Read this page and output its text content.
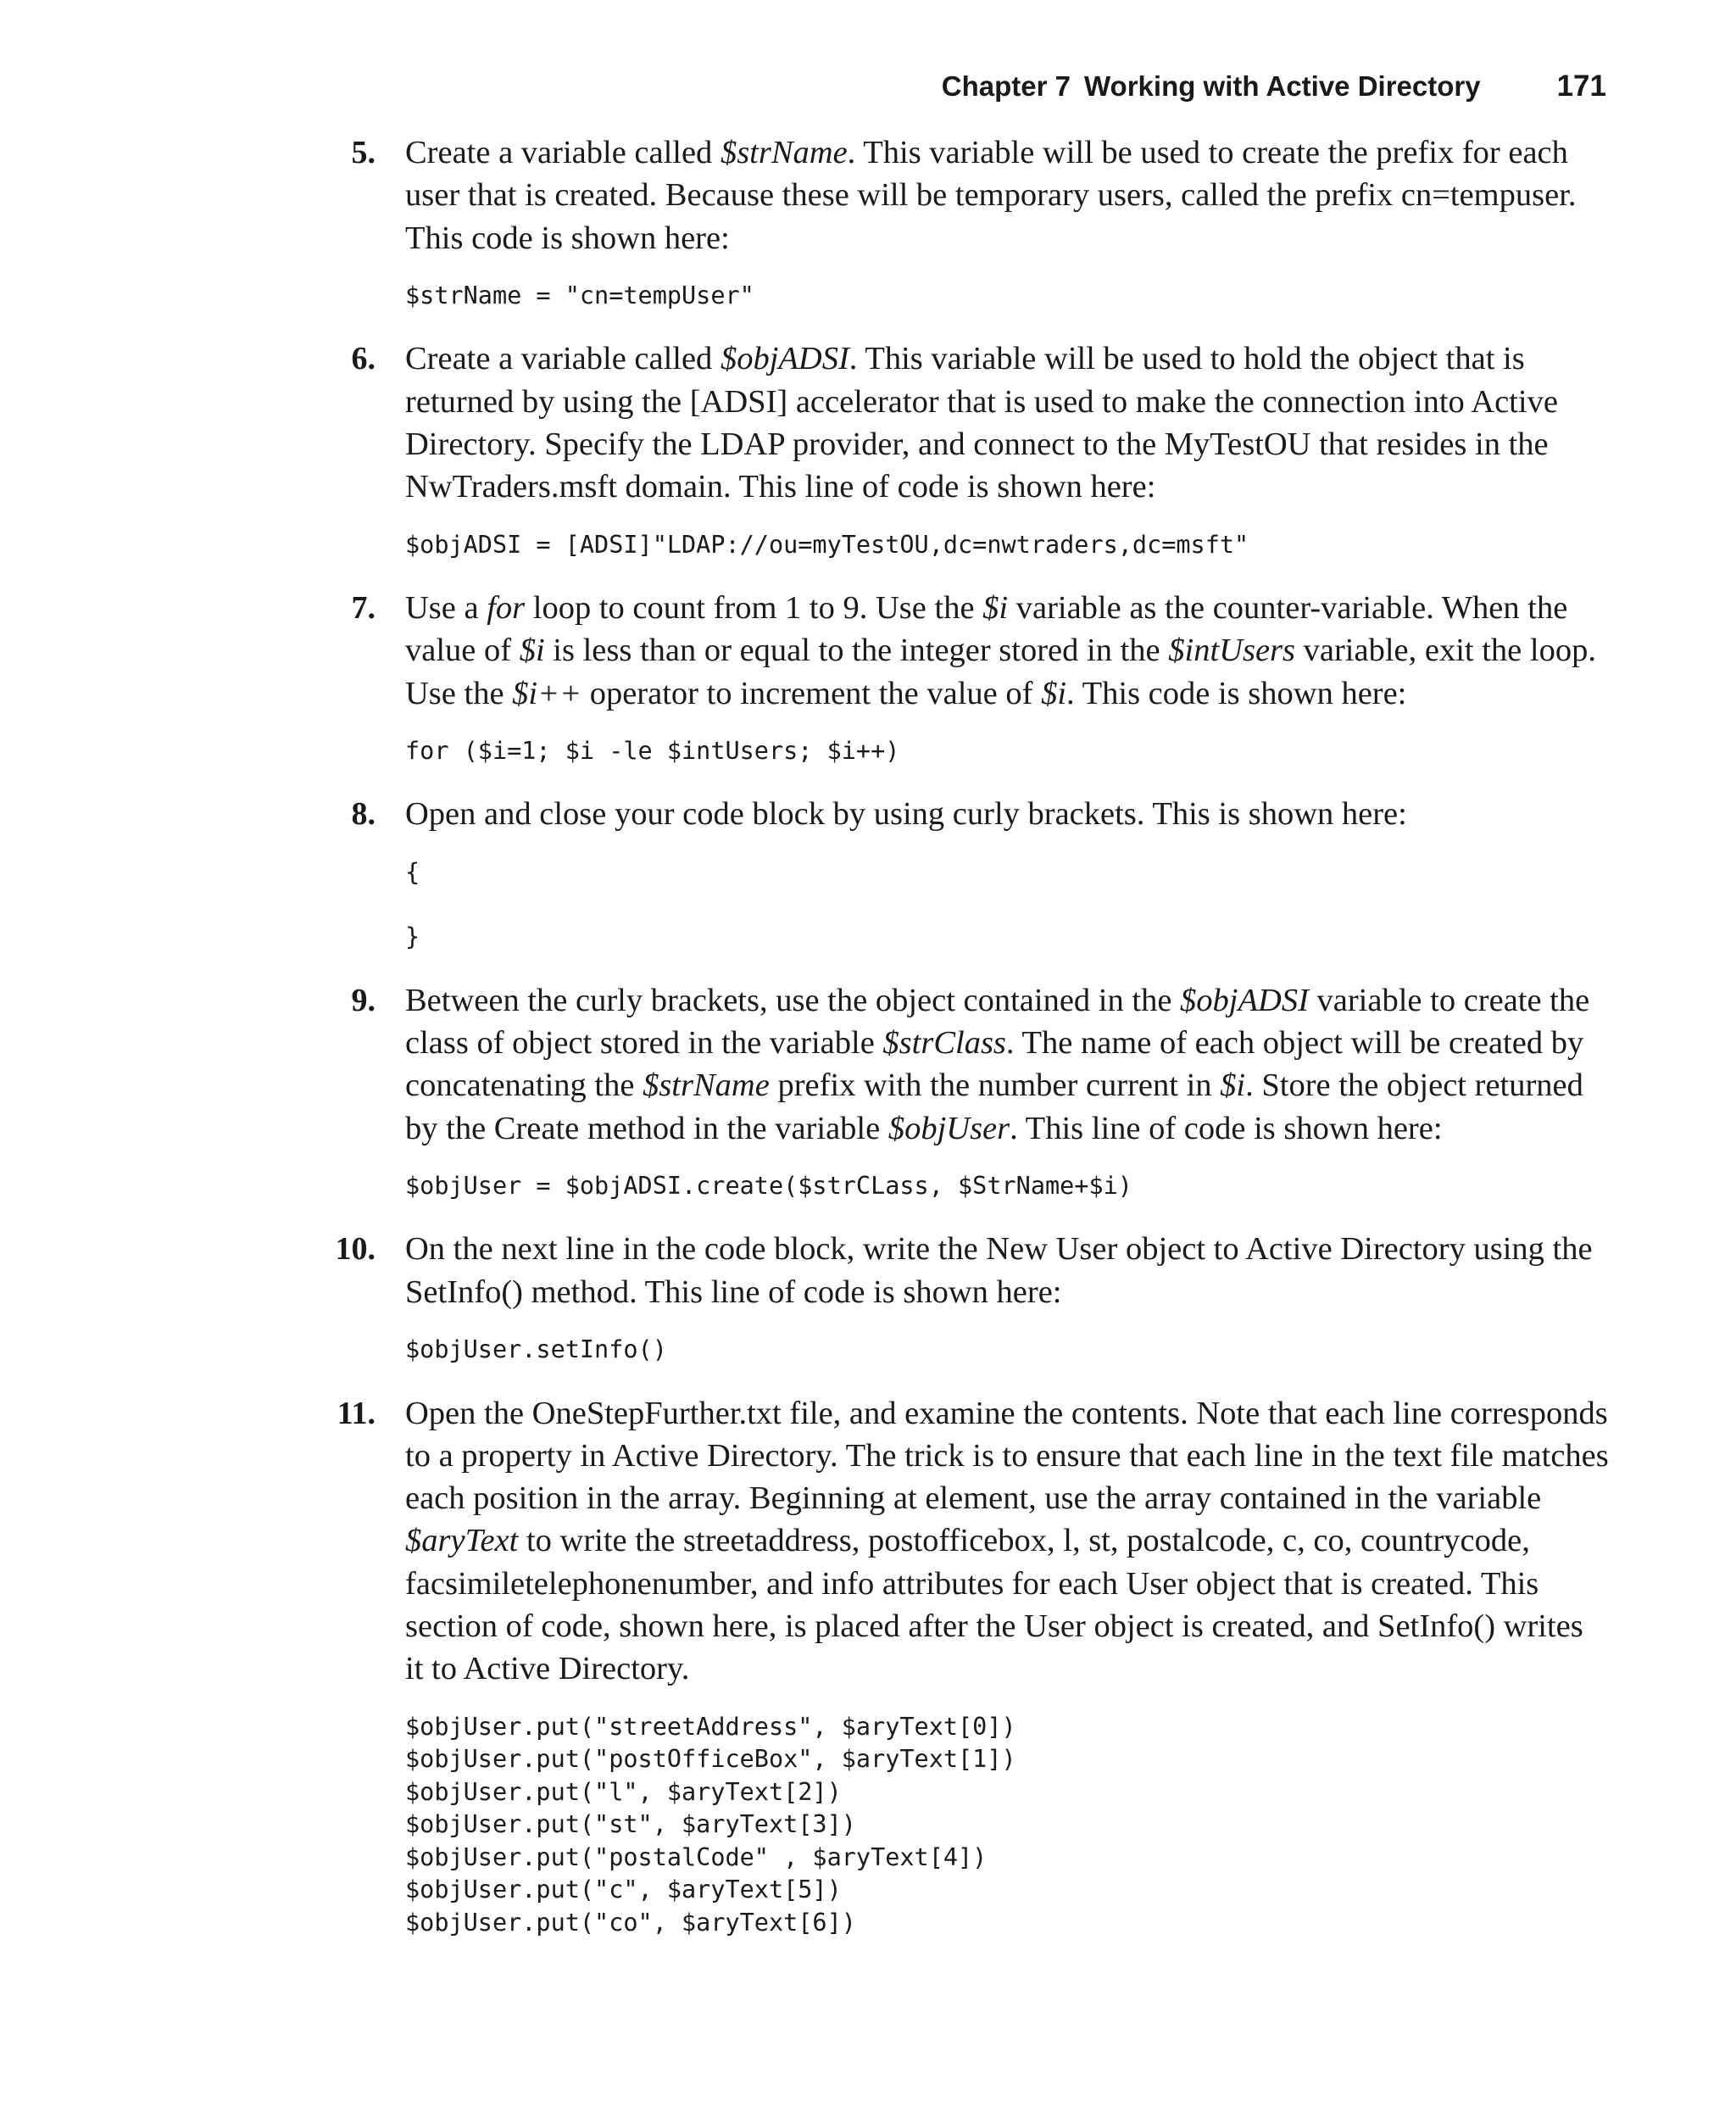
Chapter 7 Working with Active Directory	171
5. Create a variable called $strName. This variable will be used to create the prefix for each user that is created. Because these will be temporary users, called the prefix cn=tempuser. This code is shown here:
$strName = "cn=tempUser"
6. Create a variable called $objADSI. This variable will be used to hold the object that is returned by using the [ADSI] accelerator that is used to make the connection into Active Directory. Specify the LDAP provider, and connect to the MyTestOU that resides in the NwTraders.msft domain. This line of code is shown here:
$objADSI = [ADSI]"LDAP://ou=myTestOU,dc=nwtraders,dc=msft"
7. Use a for loop to count from 1 to 9. Use the $i variable as the counter-variable. When the value of $i is less than or equal to the integer stored in the $intUsers variable, exit the loop. Use the $i++ operator to increment the value of $i. This code is shown here:
for ($i=1; $i -le $intUsers; $i++)
8. Open and close your code block by using curly brackets. This is shown here:
{
}
9. Between the curly brackets, use the object contained in the $objADSI variable to create the class of object stored in the variable $strClass. The name of each object will be created by concatenating the $strName prefix with the number current in $i. Store the object returned by the Create method in the variable $objUser. This line of code is shown here:
$objUser = $objADSI.create($strCLass, $StrName+$i)
10. On the next line in the code block, write the New User object to Active Directory using the SetInfo() method. This line of code is shown here:
$objUser.setInfo()
11. Open the OneStepFurther.txt file, and examine the contents. Note that each line corresponds to a property in Active Directory. The trick is to ensure that each line in the text file matches each position in the array. Beginning at element, use the array contained in the variable $aryText to write the streetaddress, postofficebox, l, st, postalcode, c, co, countrycode, facsimiletelephonenumber, and info attributes for each User object that is created. This section of code, shown here, is placed after the User object is created, and SetInfo() writes it to Active Directory.
$objUser.put("streetAddress", $aryText[0])
$objUser.put("postOfficeBox", $aryText[1])
$objUser.put("l", $aryText[2])
$objUser.put("st", $aryText[3])
$objUser.put("postalCode" , $aryText[4])
$objUser.put("c", $aryText[5])
$objUser.put("co", $aryText[6])
